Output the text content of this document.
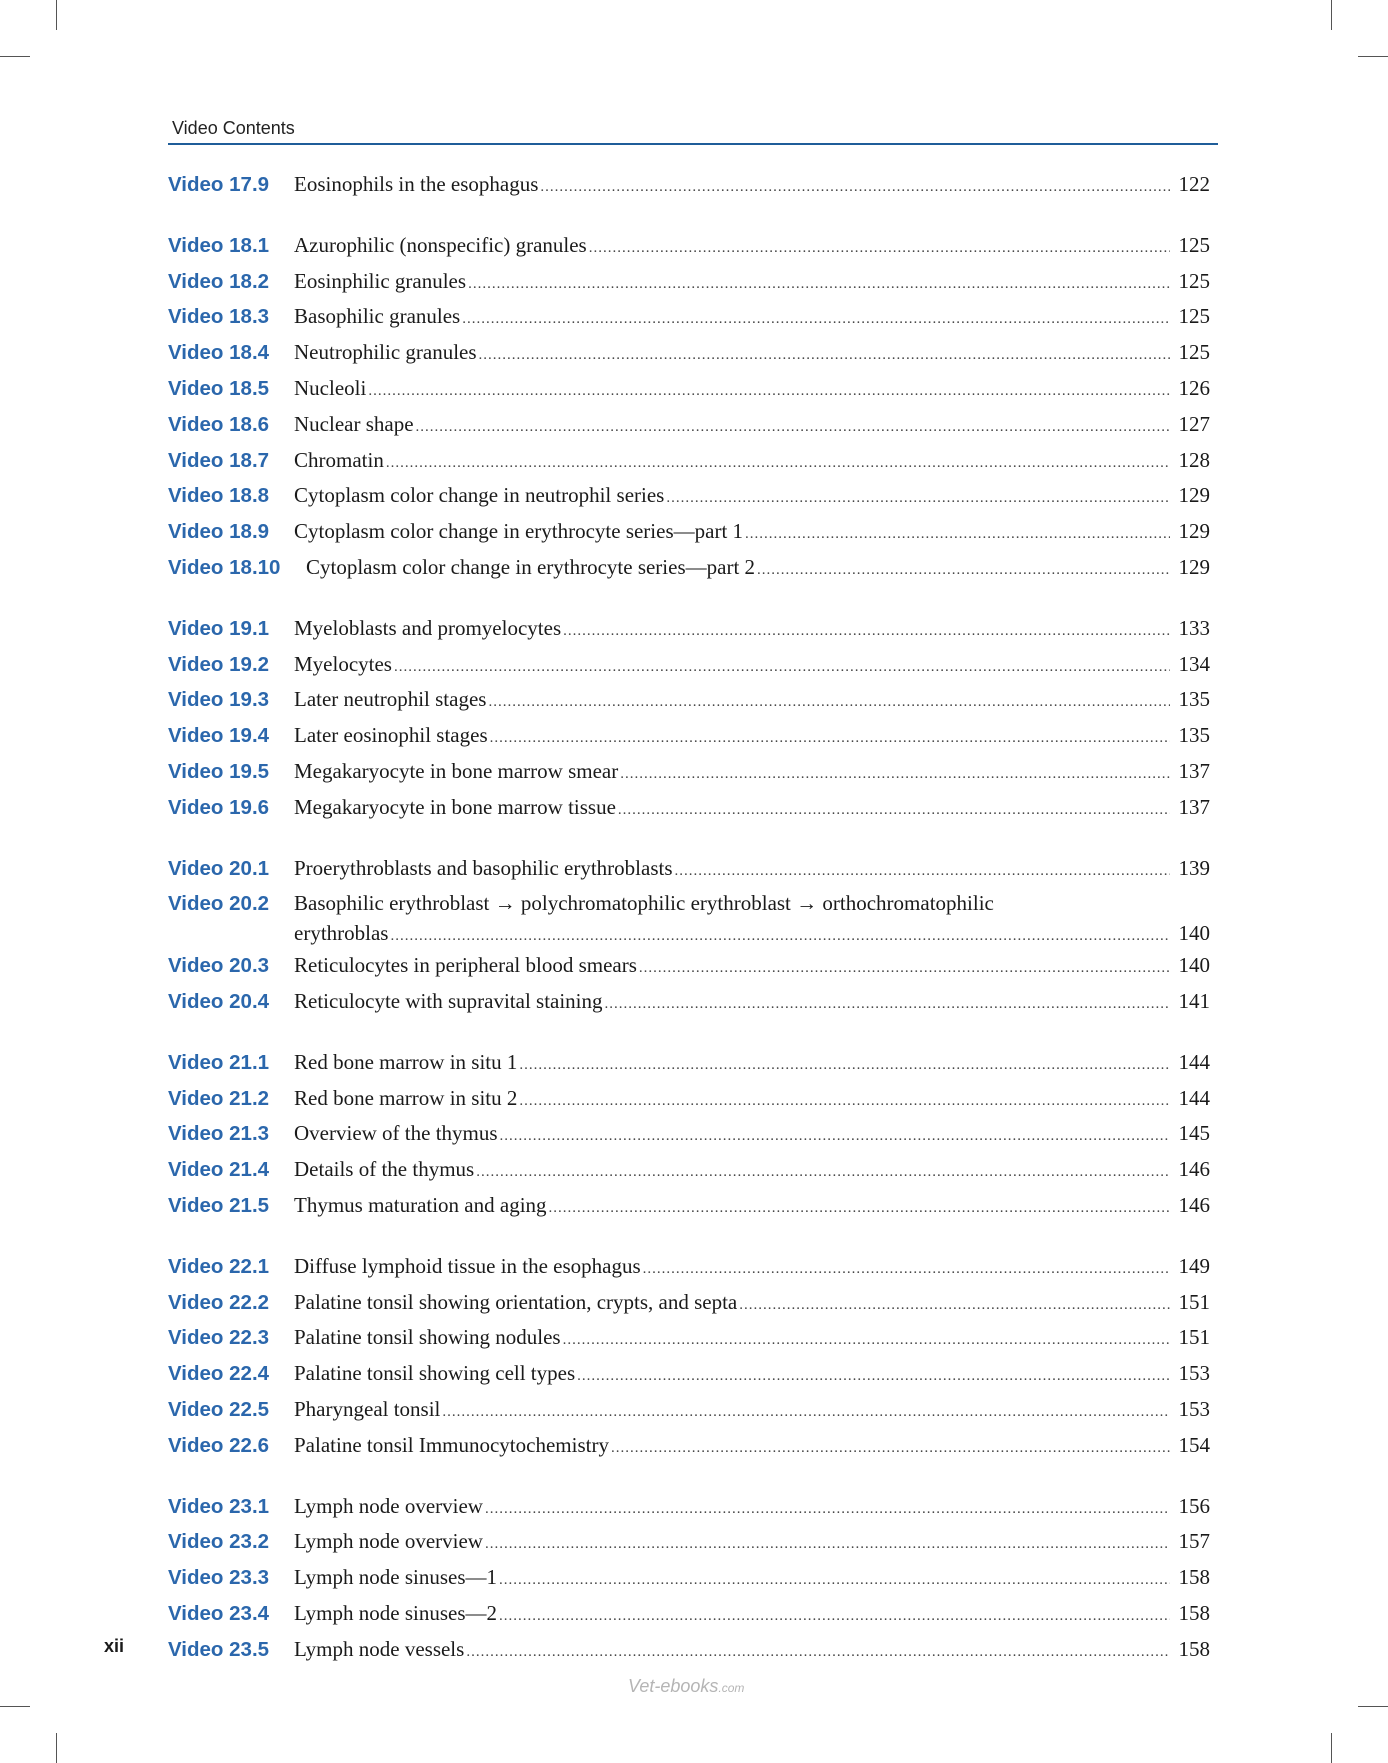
Video Contents
Video 17.9	Eosinophils in the esophagus .....	122
Video 18.1	Azurophilic (nonspecific) granules .....	125
Video 18.2	Eosinphilic granules .....	125
Video 18.3	Basophilic granules .....	125
Video 18.4	Neutrophilic granules .....	125
Video 18.5	Nucleoli .....	126
Video 18.6	Nuclear shape .....	127
Video 18.7	Chromatin .....	128
Video 18.8	Cytoplasm color change in neutrophil series .....	129
Video 18.9	Cytoplasm color change in erythrocyte series—part 1 .....	129
Video 18.10	Cytoplasm color change in erythrocyte series—part 2 .....	129
Video 19.1	Myeloblasts and promyelocytes .....	133
Video 19.2	Myelocytes .....	134
Video 19.3	Later neutrophil stages .....	135
Video 19.4	Later eosinophil stages .....	135
Video 19.5	Megakaryocyte in bone marrow smear .....	137
Video 19.6	Megakaryocyte in bone marrow tissue .....	137
Video 20.1	Proerythroblasts and basophilic erythroblasts .....	139
Video 20.2	Basophilic erythroblast → polychromatophilic erythroblast → orthochromatophilic
erythroblas .....	140
Video 20.3	Reticulocytes in peripheral blood smears .....	140
Video 20.4	Reticulocyte with supravital staining .....	141
Video 21.1	Red bone marrow in situ 1 .....	144
Video 21.2	Red bone marrow in situ 2 .....	144
Video 21.3	Overview of the thymus .....	145
Video 21.4	Details of the thymus .....	146
Video 21.5	Thymus maturation and aging .....	146
Video 22.1	Diffuse lymphoid tissue in the esophagus .....	149
Video 22.2	Palatine tonsil showing orientation, crypts, and septa .....	151
Video 22.3	Palatine tonsil showing nodules .....	151
Video 22.4	Palatine tonsil showing cell types .....	153
Video 22.5	Pharyngeal tonsil .....	153
Video 22.6	Palatine tonsil Immunocytochemistry .....	154
Video 23.1	Lymph node overview .....	156
Video 23.2	Lymph node overview .....	157
Video 23.3	Lymph node sinuses—1 .....	158
Video 23.4	Lymph node sinuses—2 .....	158
Video 23.5	Lymph node vessels .....	158
xii
Vet-ebooks.com
